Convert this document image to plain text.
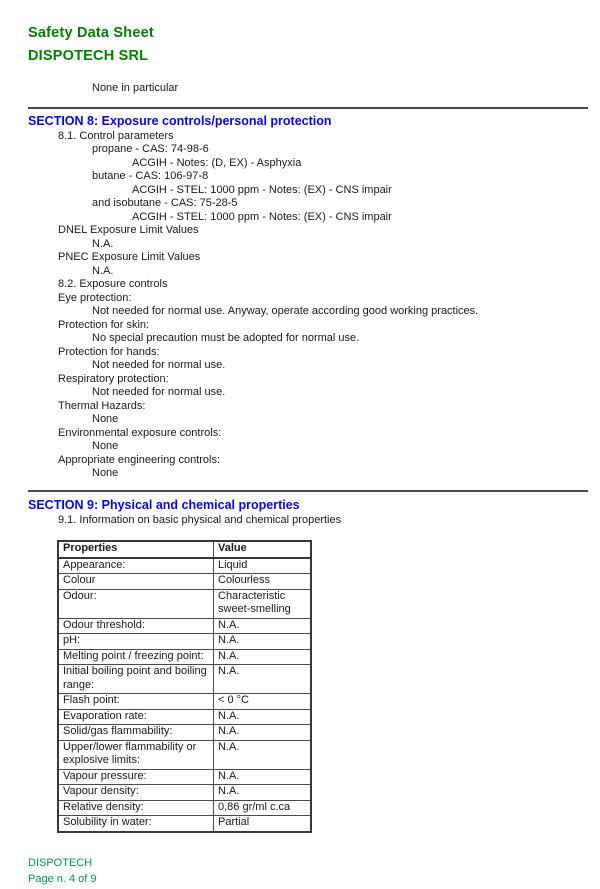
Safety Data Sheet
DISPOTECH SRL
None in particular
SECTION 8: Exposure controls/personal protection
8.1. Control parameters
propane - CAS: 74-98-6
ACGIH - Notes: (D, EX) - Asphyxia
butane - CAS: 106-97-8
ACGIH - STEL: 1000 ppm - Notes: (EX) - CNS impair
and isobutane - CAS: 75-28-5
ACGIH - STEL: 1000 ppm - Notes: (EX) - CNS impair
DNEL Exposure Limit Values
N.A.
PNEC Exposure Limit Values
N.A.
8.2. Exposure controls
Eye protection:
Not needed for normal use. Anyway, operate according good working practices.
Protection for skin:
No special precaution must be adopted for normal use.
Protection for hands:
Not needed for normal use.
Respiratory protection:
Not needed for normal use.
Thermal Hazards:
None
Environmental exposure controls:
None
Appropriate engineering controls:
None
SECTION 9: Physical and chemical properties
9.1. Information on basic physical and chemical properties
Properties	Value
Appearance:	Liquid
Colour	Colourless
Odour:	Characteristic sweet-smelling
Odour threshold:	N.A.
pH:	N.A.
Melting point / freezing point:	N.A.
Initial boiling point and boiling range:	N.A.
Flash point:	< 0 °C
Evaporation rate:	N.A.
Solid/gas flammability:	N.A.
Upper/lower flammability or explosive limits:	N.A.
Vapour pressure:	N.A.
Vapour density:	N.A.
Relative density:	0,86 gr/ml c.ca
Solubility in water:	Partial
DISPOTECH
Page n. 4 of 9
